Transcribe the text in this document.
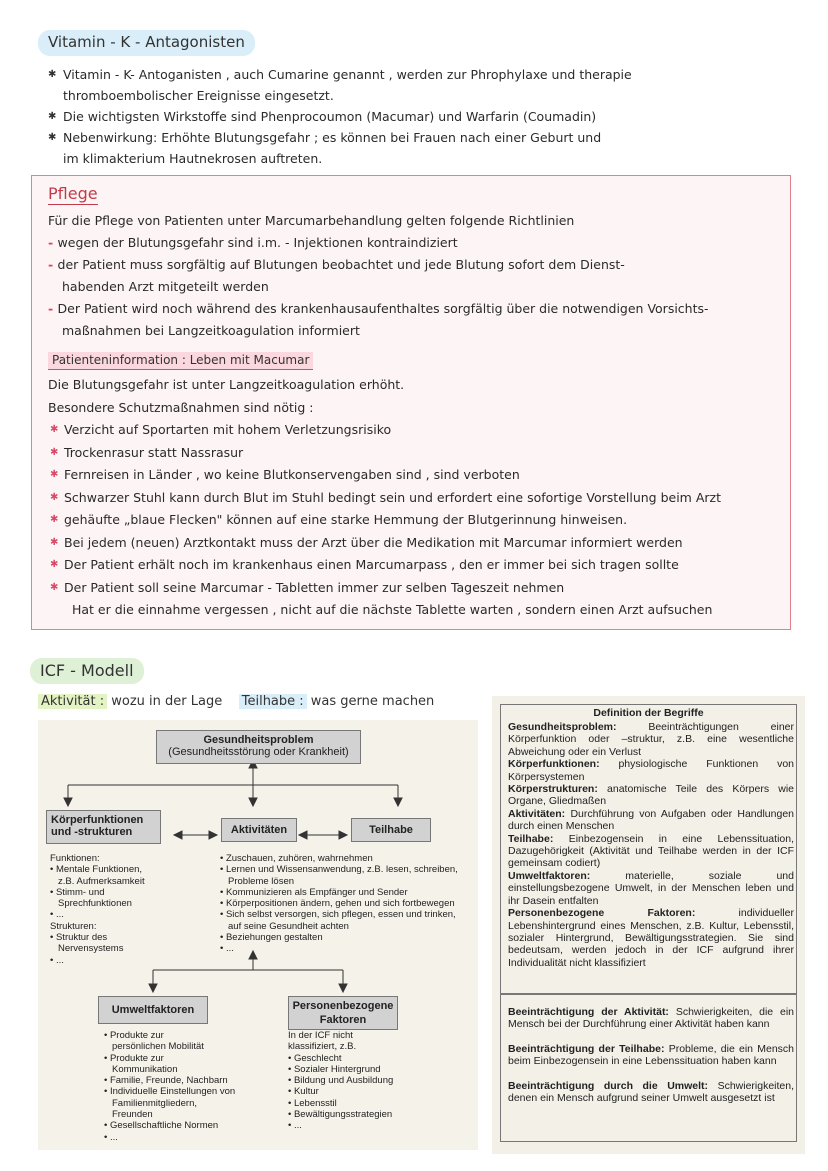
Vitamin - K - Antagonisten
✱ Vitamin - K- Antoganisten , auch Cumarine genannt , werden zur Phrophylaxe und therapie
thromboembolischer Ereignisse eingesetzt.
✱ Die wichtigsten Wirkstoffe sind Phenprocoumon (Macumar) und Warfarin (Coumadin)
✱ Nebenwirkung: Erhöhte Blutungsgefahr ; es können bei Frauen nach einer Geburt und
im klimakterium Hautnekrosen auftreten.
Pflege
Für die Pflege von Patienten unter Marcumarbehandlung gelten folgende Richtlinien
- wegen der Blutungsgefahr sind i.m. - Injektionen kontraindiziert
- der Patient muss sorgfältig auf Blutungen beobachtet und jede Blutung sofort dem Dienst-
habenden Arzt mitgeteilt werden
- Der Patient wird noch während des krankenhausaufenthaltes sorgfältig über die notwendigen Vorsichts-
maßnahmen bei Langzeitkoagulation informiert
Patienteninformation : Leben mit Macumar
Die Blutungsgefahr ist unter Langzeitkoagulation erhöht.
Besondere Schutzmaßnahmen sind nötig :
✱ Verzicht auf Sportarten mit hohem Verletzungsrisiko
✱ Trockenrasur statt Nassrasur
✱ Fernreisen in Länder , wo keine Blutkonservengaben sind , sind verboten
✱ Schwarzer Stuhl kann durch Blut im Stuhl bedingt sein und erfordert eine sofortige Vorstellung beim Arzt
✱ gehäufte „blaue Flecken" können auf eine starke Hemmung der Blutgerinnung hinweisen.
✱ Bei jedem (neuen) Arztkontakt muss der Arzt über die Medikation mit Marcumar informiert werden
✱ Der Patient erhält noch im krankenhaus einen Marcumarpass , den er immer bei sich tragen sollte
✱ Der Patient soll seine Marcumar - Tabletten immer zur selben Tageszeit nehmen
Hat er die einnahme vergessen , nicht auf die nächste Tablette warten , sondern einen Arzt aufsuchen
ICF - Modell
Aktivität : wozu in der Lage Teilhabe : was gerne machen
Gesundheitsproblem
(Gesundheitsstörung oder Krankheit)
Körperfunktionen und -strukturen	Aktivitäten	Teilhabe
Funktionen:
• Mentale Funktionen,
z.B. Aufmerksamkeit
• Stimm- und
Sprechfunktionen
• ...
Strukturen:
• Struktur des
Nervensystems
• ...
• Zuschauen, zuhören, wahrnehmen
• Lernen und Wissensanwendung, z.B. lesen, schreiben,
Probleme lösen
• Kommunizieren als Empfänger und Sender
• Körperpositionen ändern, gehen und sich fortbewegen
• Sich selbst versorgen, sich pflegen, essen und trinken,
auf seine Gesundheit achten
• Beziehungen gestalten
• ...
Umweltfaktoren	Personenbezogene Faktoren
• Produkte zur
persönlichen Mobilität
• Produkte zur
Kommunikation
• Familie, Freunde, Nachbarn
• Individuelle Einstellungen von
Familienmitgliedern,
Freunden
• Gesellschaftliche Normen
• ...
In der ICF nicht
klassifiziert, z.B.
• Geschlecht
• Sozialer Hintergrund
• Bildung und Ausbildung
• Kultur
• Lebensstil
• Bewältigungsstrategien
• ...
Definition der Begriffe
Gesundheitsproblem:	Beeinträchtigungen einer Körperfunktion oder –struktur, z.B. eine wesentliche Abweichung oder ein Verlust
Körperfunktionen: physiologische Funktionen von Körpersystemen
Körperstrukturen: anatomische Teile des Körpers wie Organe, Gliedmaßen
Aktivitäten: Durchführung von Aufgaben oder Handlungen durch einen Menschen
Teilhabe: Einbezogensein in eine Lebenssituation, Dazugehörigkeit (Aktivität und Teilhabe werden in der ICF gemeinsam codiert)
Umweltfaktoren:	materielle, soziale und einstellungsbezogene Umwelt, in der Menschen leben und ihr Dasein entfalten
Personenbezogene Faktoren:	individueller Lebenshintergrund eines Menschen, z.B. Kultur, Lebensstil, sozialer Hintergrund, Bewältigungsstrategien. Sie sind bedeutsam, werden jedoch in der ICF aufgrund ihrer Individualität nicht klassifiziert
Beeinträchtigung der Aktivität: Schwierigkeiten, die ein Mensch bei der Durchführung einer Aktivität haben kann
Beeinträchtigung der Teilhabe: Probleme, die ein Mensch beim Einbezogensein in eine Lebenssituation haben kann
Beeinträchtigung durch die Umwelt: Schwierigkeiten, denen ein Mensch aufgrund seiner Umwelt ausgesetzt ist
